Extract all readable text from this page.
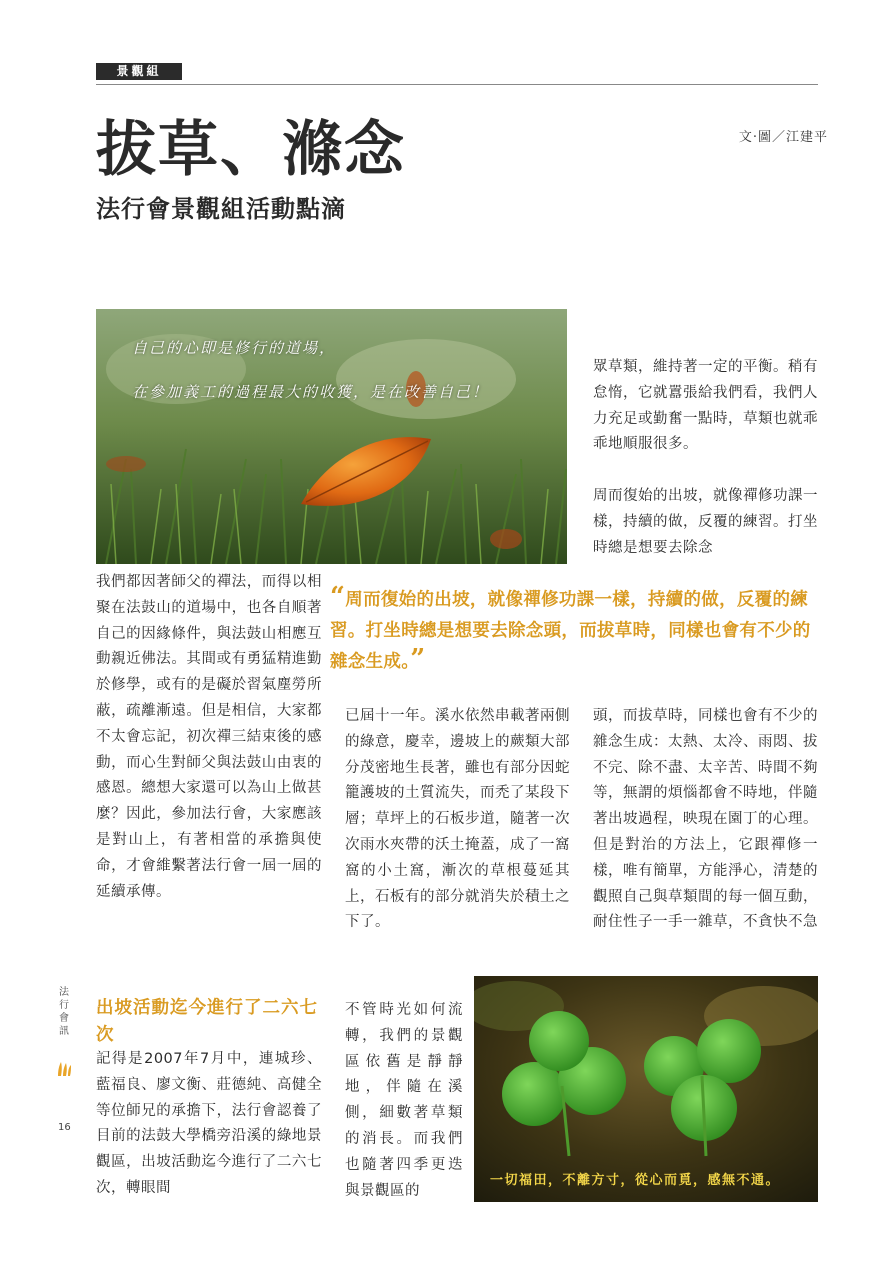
景觀組
文·圖／江建平
拔草、滌念
法行會景觀組活動點滴
自己的心即是修行的道場，
在參加義工的過程最大的收獲，是在改善自己！
眾草類，維持著一定的平衡。稍有怠惰，它就囂張給我們看，我們人力充足或勤奮一點時，草類也就乖乖地順服很多。
周而復始的出坡，就像禪修功課一樣，持續的做，反覆的練習。打坐時總是想要去除念
“周而復始的出坡，就像禪修功課一樣，持續的做，反覆的練習。打坐時總是想要去除念頭，而拔草時，同樣也會有不少的雜念生成。”
我們都因著師父的禪法，而得以相聚在法鼓山的道場中，也各自順著自己的因緣條件，與法鼓山相應互動親近佛法。其間或有勇猛精進勤於修學，或有的是礙於習氣塵勞所蔽，疏離漸遠。但是相信，大家都不太會忘記，初次禪三結束後的感動，而心生對師父與法鼓山由衷的感恩。總想大家還可以為山上做甚麼？因此，參加法行會，大家應該是對山上，有著相當的承擔與使命，才會維繫著法行會一屆一屆的延續承傳。
已屆十一年。溪水依然串載著兩側的綠意，慶幸，邊坡上的蕨類大部分茂密地生長著，雖也有部分因蛇籠護坡的土質流失，而禿了某段下層；草坪上的石板步道，隨著一次次雨水夾帶的沃土掩蓋，成了一窩窩的小土窩，漸次的草根蔓延其上，石板有的部分就消失於積土之下了。
頭，而拔草時，同樣也會有不少的雜念生成：太熱、太冷、雨悶、拔不完、除不盡、太辛苦、時間不夠等，無謂的煩惱都會不時地，伴隨著出坡過程，映現在園丁的心理。但是對治的方法上，它跟禪修一樣，唯有簡單，方能淨心，清楚的觀照自己與草類間的每一個互動，耐住性子一手一雜草，不貪快不急
法行會訊
16
出坡活動迄今進行了二六七次
記得是2007年7月中，連城珍、藍福良、廖文衡、莊德純、高健全等位師兄的承擔下，法行會認養了目前的法鼓大學橋旁沿溪的綠地景觀區，出坡活動迄今進行了二六七次，轉眼間
不管時光如何流轉，我們的景觀區依舊是靜靜地，伴隨在溪側，細數著草類的消長。而我們也隨著四季更迭與景觀區的
一切福田，不離方寸，從心而覓，感無不通。
